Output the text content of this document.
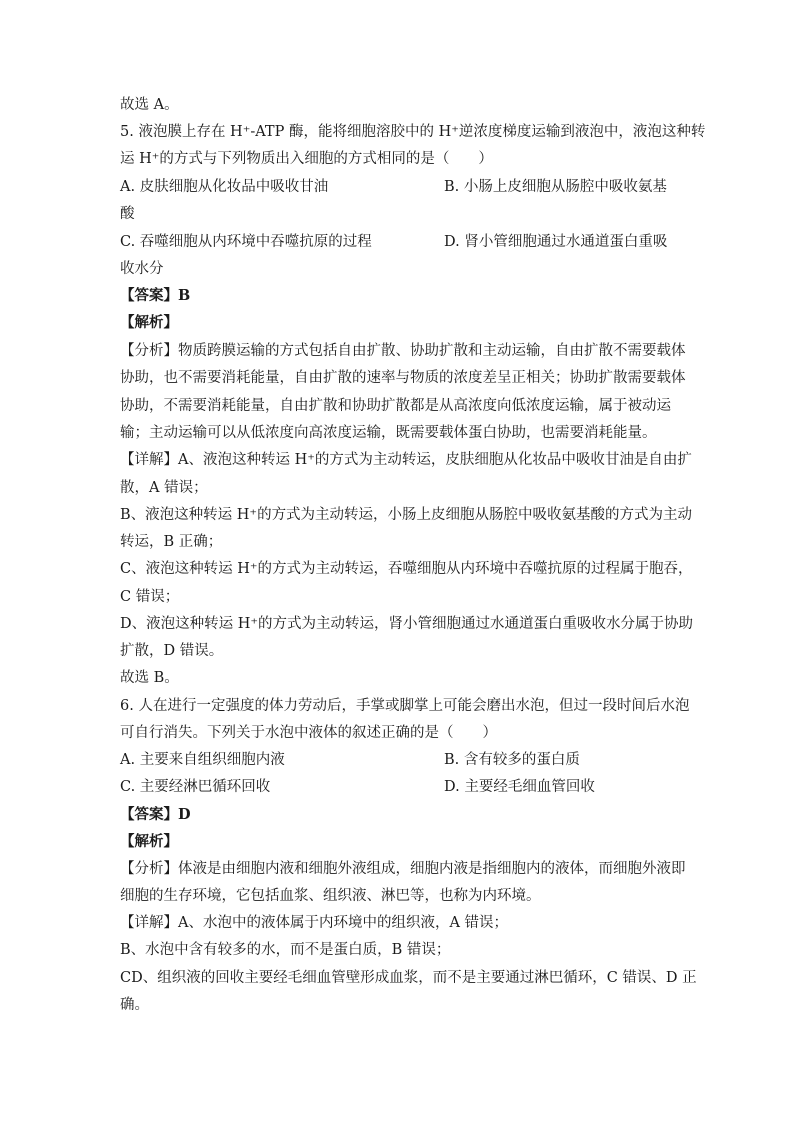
故选 A。
5. 液泡膜上存在 H⁺-ATP 酶，能将细胞溶胶中的 H⁺逆浓度梯度运输到液泡中，液泡这种转
运 H⁺的方式与下列物质出入细胞的方式相同的是（　　）
A. 皮肤细胞从化妆品中吸收甘油	B. 小肠上皮细胞从肠腔中吸收氨基
酸
C. 吞噬细胞从内环境中吞噬抗原的过程	D. 肾小管细胞通过水通道蛋白重吸
收水分
【答案】B
【解析】
【分析】物质跨膜运输的方式包括自由扩散、协助扩散和主动运输，自由扩散不需要载体
协助，也不需要消耗能量，自由扩散的速率与物质的浓度差呈正相关；协助扩散需要载体
协助，不需要消耗能量，自由扩散和协助扩散都是从高浓度向低浓度运输，属于被动运
输；主动运输可以从低浓度向高浓度运输，既需要载体蛋白协助，也需要消耗能量。
【详解】A、液泡这种转运 H⁺的方式为主动转运，皮肤细胞从化妆品中吸收甘油是自由扩
散，A 错误；
B、液泡这种转运 H⁺的方式为主动转运，小肠上皮细胞从肠腔中吸收氨基酸的方式为主动
转运，B 正确；
C、液泡这种转运 H⁺的方式为主动转运，吞噬细胞从内环境中吞噬抗原的过程属于胞吞，
C 错误；
D、液泡这种转运 H⁺的方式为主动转运，肾小管细胞通过水通道蛋白重吸收水分属于协助
扩散，D 错误。
故选 B。
6. 人在进行一定强度的体力劳动后，手掌或脚掌上可能会磨出水泡，但过一段时间后水泡
可自行消失。下列关于水泡中液体的叙述正确的是（　　）
A. 主要来自组织细胞内液	B. 含有较多的蛋白质
C. 主要经淋巴循环回收	D. 主要经毛细血管回收
【答案】D
【解析】
【分析】体液是由细胞内液和细胞外液组成，细胞内液是指细胞内的液体，而细胞外液即
细胞的生存环境，它包括血浆、组织液、淋巴等，也称为内环境。
【详解】A、水泡中的液体属于内环境中的组织液，A 错误；
B、水泡中含有较多的水，而不是蛋白质，B 错误；
CD、组织液的回收主要经毛细血管壁形成血浆，而不是主要通过淋巴循环，C 错误、D 正
确。
